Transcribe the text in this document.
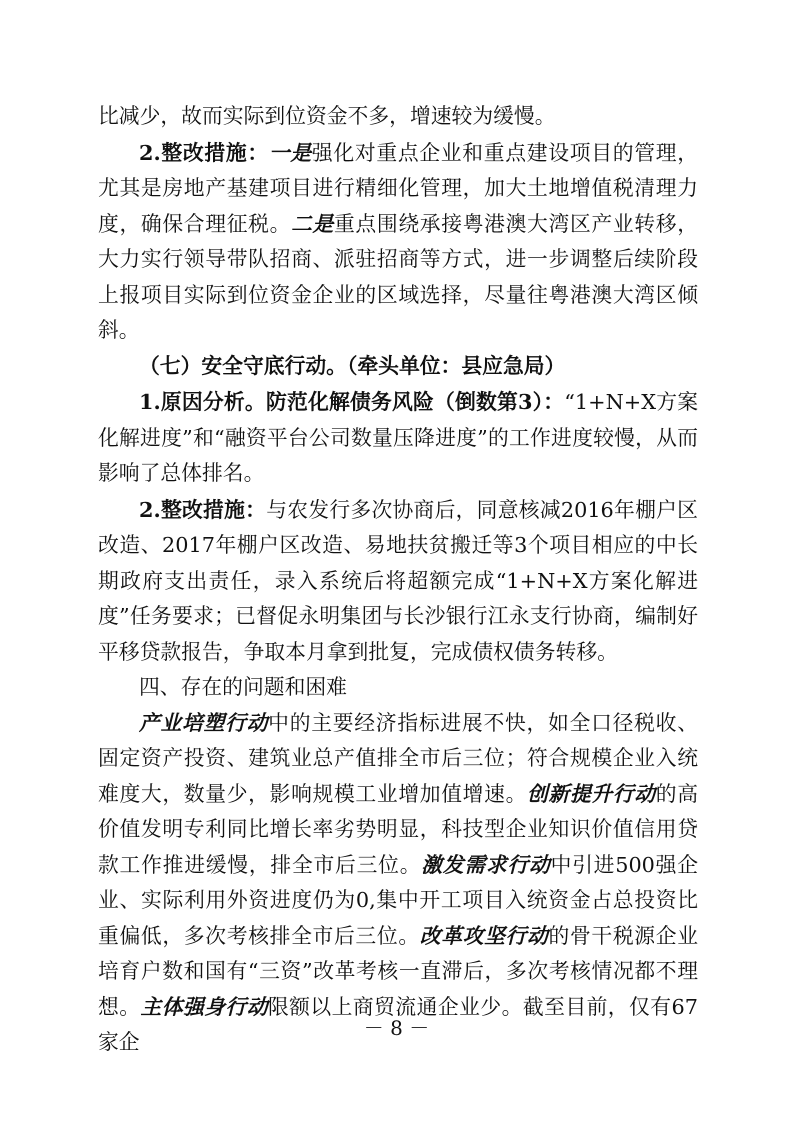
比减少，故而实际到位资金不多，增速较为缓慢。

2.整改措施：一是强化对重点企业和重点建设项目的管理，尤其是房地产基建项目进行精细化管理，加大土地增值税清理力度，确保合理征税。二是重点围绕承接粤港澳大湾区产业转移，大力实行领导带队招商、派驻招商等方式，进一步调整后续阶段上报项目实际到位资金企业的区域选择，尽量往粤港澳大湾区倾斜。

（七）安全守底行动。（牵头单位：县应急局）

1.原因分析。防范化解债务风险（倒数第3）：“1+N+X方案化解进度”和“融资平台公司数量压降进度”的工作进度较慢，从而影响了总体排名。

2.整改措施：与农发行多次协商后，同意核减2016年棚户区改造、2017年棚户区改造、易地扶贫搬迁等3个项目相应的中长期政府支出责任，录入系统后将超额完成“1+N+X方案化解进度”任务要求；已督促永明集团与长沙银行江永支行协商，编制好平移贷款报告，争取本月拿到批复，完成债权债务转移。

四、存在的问题和困难

产业培塑行动中的主要经济指标进展不快，如全口径税收、固定资产投资、建筑业总产值排全市后三位；符合规模企业入统难度大，数量少，影响规模工业增加值增速。创新提升行动的高价值发明专利同比增长率劣势明显，科技型企业知识价值信用贷款工作推进缓慢，排全市后三位。激发需求行动中引进500强企业、实际利用外资进度仍为0,集中开工项目入统资金占总投资比重偏低，多次考核排全市后三位。改革攻坚行动的骨干税源企业培育户数和国有“三资”改革考核一直滞后，多次考核情况都不理想。主体强身行动限额以上商贸流通企业少。截至目前，仅有67家企

－ 8 －
